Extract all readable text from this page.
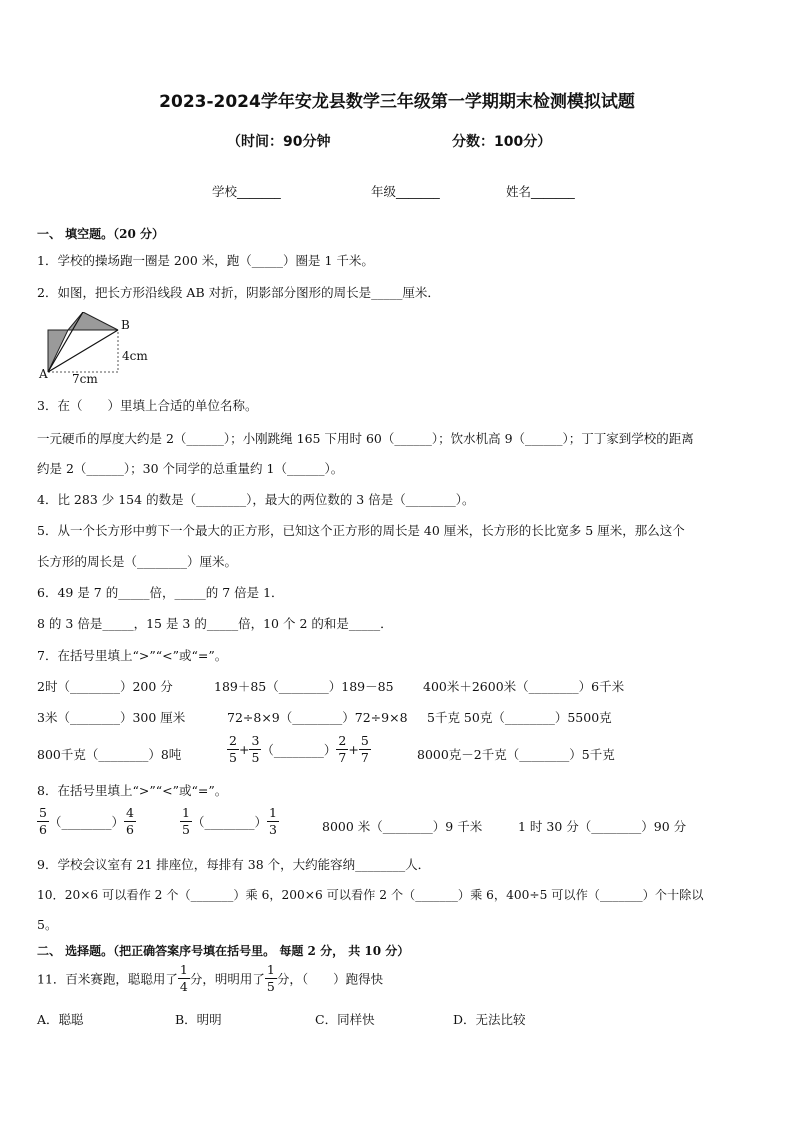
2023-2024学年安龙县数学三年级第一学期期末检测模拟试题
（时间：90分钟	分数：100分）
学校_______	年级_______	姓名_______
一、 填空题。（20 分）
1．学校的操场跑一圈是 200 米，跑（_____）圈是 1 千米。
2．如图，把长方形沿线段 AB 对折，阴影部分图形的周长是_____厘米．
B
A
4cm
7cm
3．在（　　）里填上合适的单位名称。
一元硬币的厚度大约是 2（______）；小刚跳绳 165 下用时 60（______）；饮水机高 9（______）；丁丁家到学校的距离
约是 2（______）；30 个同学的总重量约 1（______）。
4．比 283 少 154 的数是（________），最大的两位数的 3 倍是（________）。
5．从一个长方形中剪下一个最大的正方形，已知这个正方形的周长是 40 厘米，长方形的长比宽多 5 厘米，那么这个
长方形的周长是（________）厘米。
6．49 是 7 的_____倍，_____的 7 倍是 1．
8 的 3 倍是_____，15 是 3 的_____倍，10 个 2 的和是_____．
7．在括号里填上“>”“<”或“=”。
2时（________）200 分	189＋85（________）189－85 400米＋2600米（________）6千米
3米（________）300 厘米	72÷8×9（________）72÷9×8 5千克 50克（________）5500克
800千克（________）8吨	$\frac{2}{5} + \frac{3}{5}$ （________） $\frac{2}{7} + \frac{5}{7}$	8000克－2千克（________）5千克
8．在括号里填上“>”“<”或“=”。
$\frac{5}{6}$ （________） $\frac{4}{6}$	$\frac{1}{5}$ （________） $\frac{1}{3}$	8000 米（________）9 千米	1 时 30 分（________）90 分
9．学校会议室有 21 排座位，每排有 38 个，大约能容纳________人．
10．20×6 可以看作 2 个（_______）乘 6，200×6 可以看作 2 个（_______）乘 6，400÷5 可以作（_______）个十除以
5。
二、 选择题。（把正确答案序号填在括号里。 每题 2 分， 共 10 分）
11．百米赛跑，聪聪用了 $\frac{1}{4}$ 分，明明用了 $\frac{1}{5}$ 分，（　　）跑得快
A．聪聪	B．明明	C．同样快	D．无法比较
